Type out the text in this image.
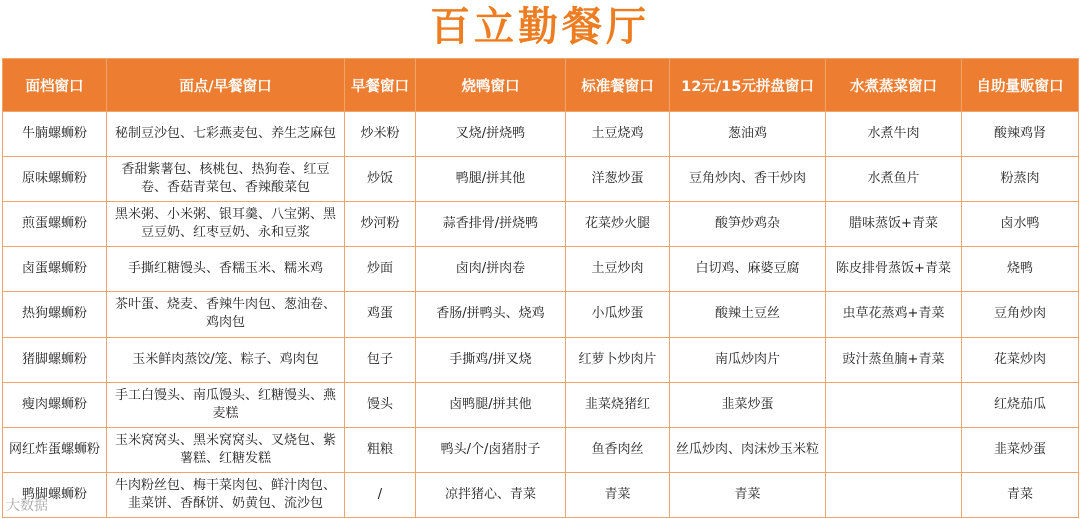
百立勤餐厅
面档窗口	面点/早餐窗口	早餐窗口	烧鸭窗口	标准餐窗口	12元/15元拼盘窗口	水煮蒸菜窗口	自助量贩窗口
牛腩螺蛳粉	秘制豆沙包、七彩燕麦包、养生芝麻包	炒米粉	叉烧/拼烧鸭	土豆烧鸡	葱油鸡	水煮牛肉	酸辣鸡肾
原味螺蛳粉	香甜紫薯包、核桃包、热狗卷、红豆卷、香菇青菜包、香辣酸菜包	炒饭	鸭腿/拼其他	洋葱炒蛋	豆角炒肉、香干炒肉	水煮鱼片	粉蒸肉
煎蛋螺蛳粉	黑米粥、小米粥、银耳羹、八宝粥、黑豆豆奶、红枣豆奶、永和豆浆	炒河粉	蒜香排骨/拼烧鸭	花菜炒火腿	酸笋炒鸡杂	腊味蒸饭+青菜	卤水鸭
卤蛋螺蛳粉	手撕红糖馒头、香糯玉米、糯米鸡	炒面	卤肉/拼肉卷	土豆炒肉	白切鸡、麻婆豆腐	陈皮排骨蒸饭+青菜	烧鸭
热狗螺蛳粉	茶叶蛋、烧麦、香辣牛肉包、葱油卷、鸡肉包	鸡蛋	香肠/拼鸭头、烧鸡	小瓜炒蛋	酸辣土豆丝	虫草花蒸鸡+青菜	豆角炒肉
猪脚螺蛳粉	玉米鲜肉蒸饺/笼、粽子、鸡肉包	包子	手撕鸡/拼叉烧	红萝卜炒肉片	南瓜炒肉片	豉汁蒸鱼腩+青菜	花菜炒肉
瘦肉螺蛳粉	手工白馒头、南瓜馒头、红糖馒头、燕麦糕	馒头	卤鸭腿/拼其他	韭菜烧猪红	韭菜炒蛋		红烧茄瓜
网红炸蛋螺蛳粉	玉米窝窝头、黑米窝窝头、叉烧包、紫薯糕、红糖发糕	粗粮	鸭头/个/卤猪肘子	鱼香肉丝	丝瓜炒肉、肉沫炒玉米粒		韭菜炒蛋
鸭脚螺蛳粉	牛肉粉丝包、梅干菜肉包、鲜汁肉包、韭菜饼、香酥饼、奶黄包、流沙包	/	凉拌猪心、青菜	青菜	青菜		青菜
大数据
